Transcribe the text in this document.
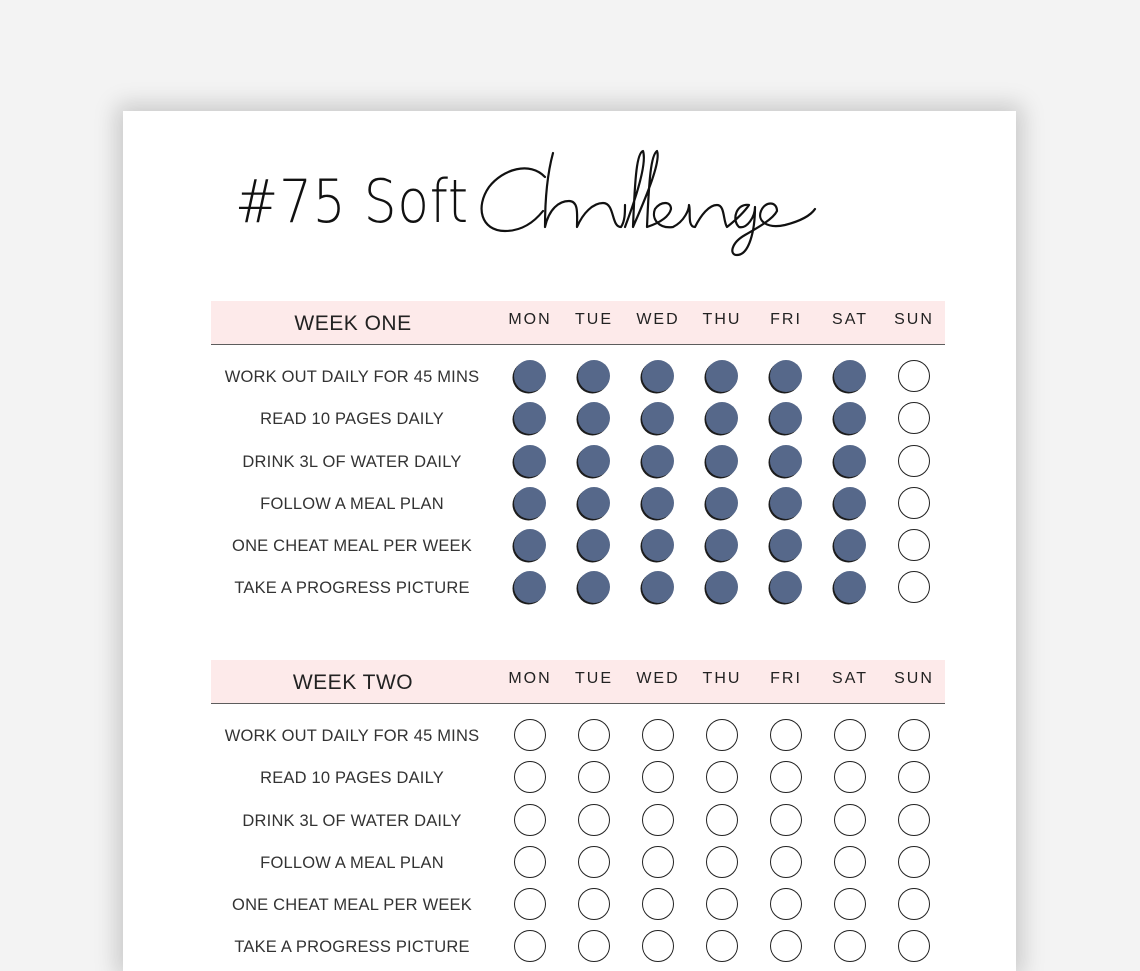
#75 Soft
WEEK ONE	MON	TUE	WED	THU	FRI	SAT	SUN
WORK OUT DAILY FOR 45 MINS
READ 10 PAGES DAILY
DRINK 3L OF WATER DAILY
FOLLOW A MEAL PLAN
ONE CHEAT MEAL PER WEEK
TAKE A PROGRESS PICTURE
WEEK TWO	MON	TUE	WED	THU	FRI	SAT	SUN
WORK OUT DAILY FOR 45 MINS
READ 10 PAGES DAILY
DRINK 3L OF WATER DAILY
FOLLOW A MEAL PLAN
ONE CHEAT MEAL PER WEEK
TAKE A PROGRESS PICTURE
